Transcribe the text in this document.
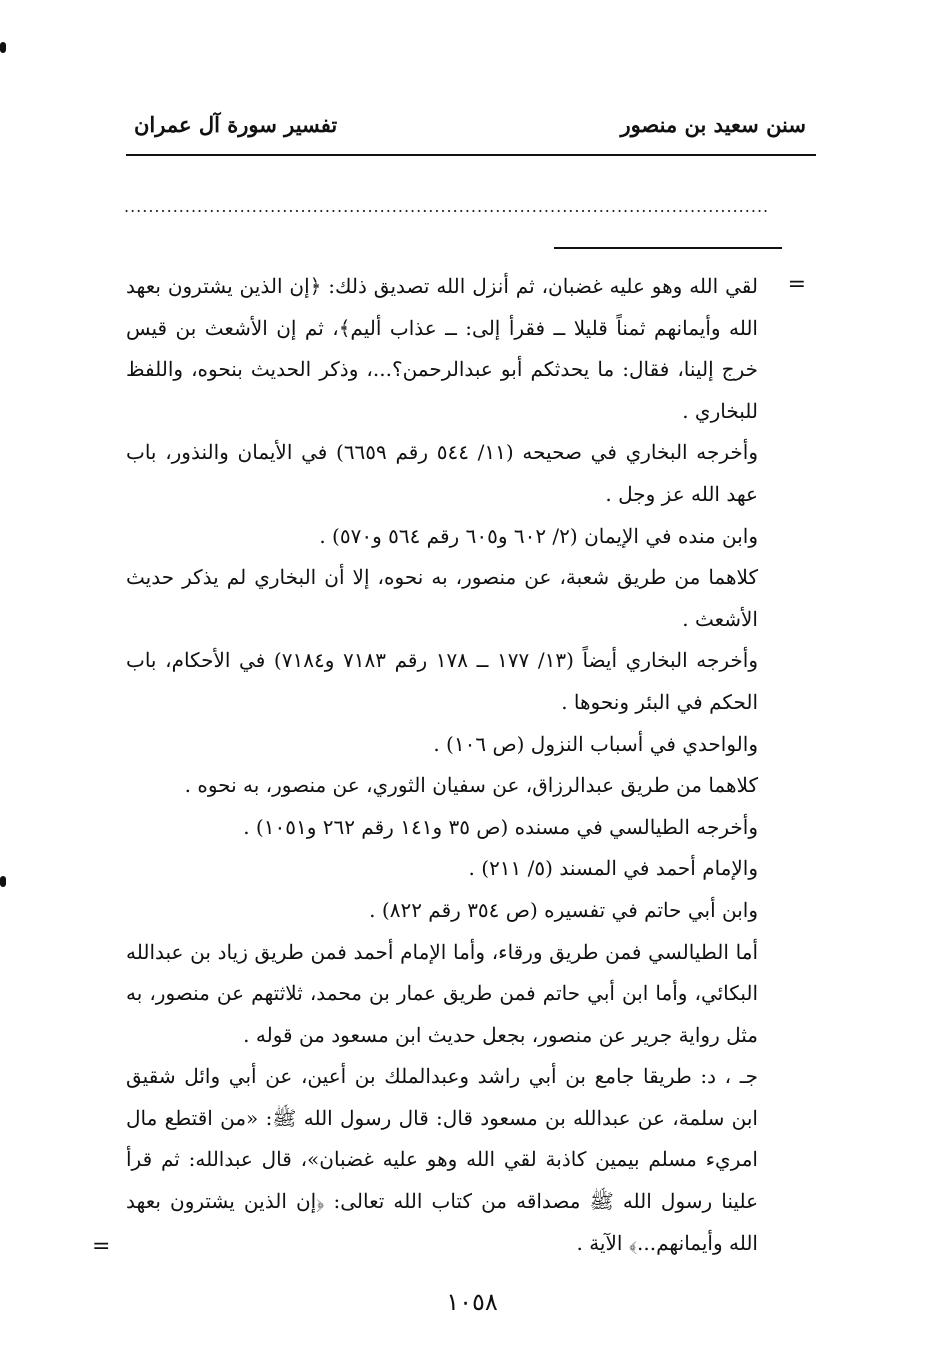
سنن سعيد بن منصور
تفسير سورة آل عمران
..........................................................................................................
=

لقي الله وهو عليه غضبان، ثم أنزل الله تصديق ذلك: ﴿إن الذين يشترون بعهد الله وأيمانهم ثمناً قليلا ــ فقرأ إلى: ــ عذاب أليم﴾، ثم إن الأشعث بن قيس خرج إلينا، فقال: ما يحدثكم أبو عبدالرحمن؟...، وذكر الحديث بنحوه، واللفظ للبخاري .

وأخرجه البخاري في صحيحه (١١/ ٥٤٤ رقم ٦٦٥٩) في الأيمان والنذور، باب عهد الله عز وجل .

وابن منده في الإيمان (٢/ ٦٠٢ و٦٠٥ رقم ٥٦٤ و٥٧٠) .

كلاهما من طريق شعبة، عن منصور، به نحوه، إلا أن البخاري لم يذكر حديث الأشعث .

وأخرجه البخاري أيضاً (١٣/ ١٧٧ ــ ١٧٨ رقم ٧١٨٣ و٧١٨٤) في الأحكام، باب الحكم في البئر ونحوها .

والواحدي في أسباب النزول (ص ١٠٦) .

كلاهما من طريق عبدالرزاق، عن سفيان الثوري، عن منصور، به نحوه .

وأخرجه الطيالسي في مسنده (ص ٣٥ و١٤١ رقم ٢٦٢ و١٠٥١) .

والإمام أحمد في المسند (٥/ ٢١١) .

وابن أبي حاتم في تفسيره (ص ٣٥٤ رقم ٨٢٢) .

أما الطيالسي فمن طريق ورقاء، وأما الإمام أحمد فمن طريق زياد بن عبدالله البكائي، وأما ابن أبي حاتم فمن طريق عمار بن محمد، ثلاثتهم عن منصور، به مثل رواية جرير عن منصور، بجعل حديث ابن مسعود من قوله .

جـ ، د: طريقا جامع بن أبي راشد وعبدالملك بن أعين، عن أبي وائل شقيق ابن سلمة، عن عبدالله بن مسعود قال: قال رسول الله ﷺ: «من اقتطع مال امريء مسلم بيمين كاذبة لقي الله وهو عليه غضبان»، قال عبدالله: ثم قرأ علينا رسول الله ﷺ مصداقه من كتاب الله تعالى: ﴿إن الذين يشترون بعهد الله وأيمانهم...﴾ الآية .

=
١٠٥٨
